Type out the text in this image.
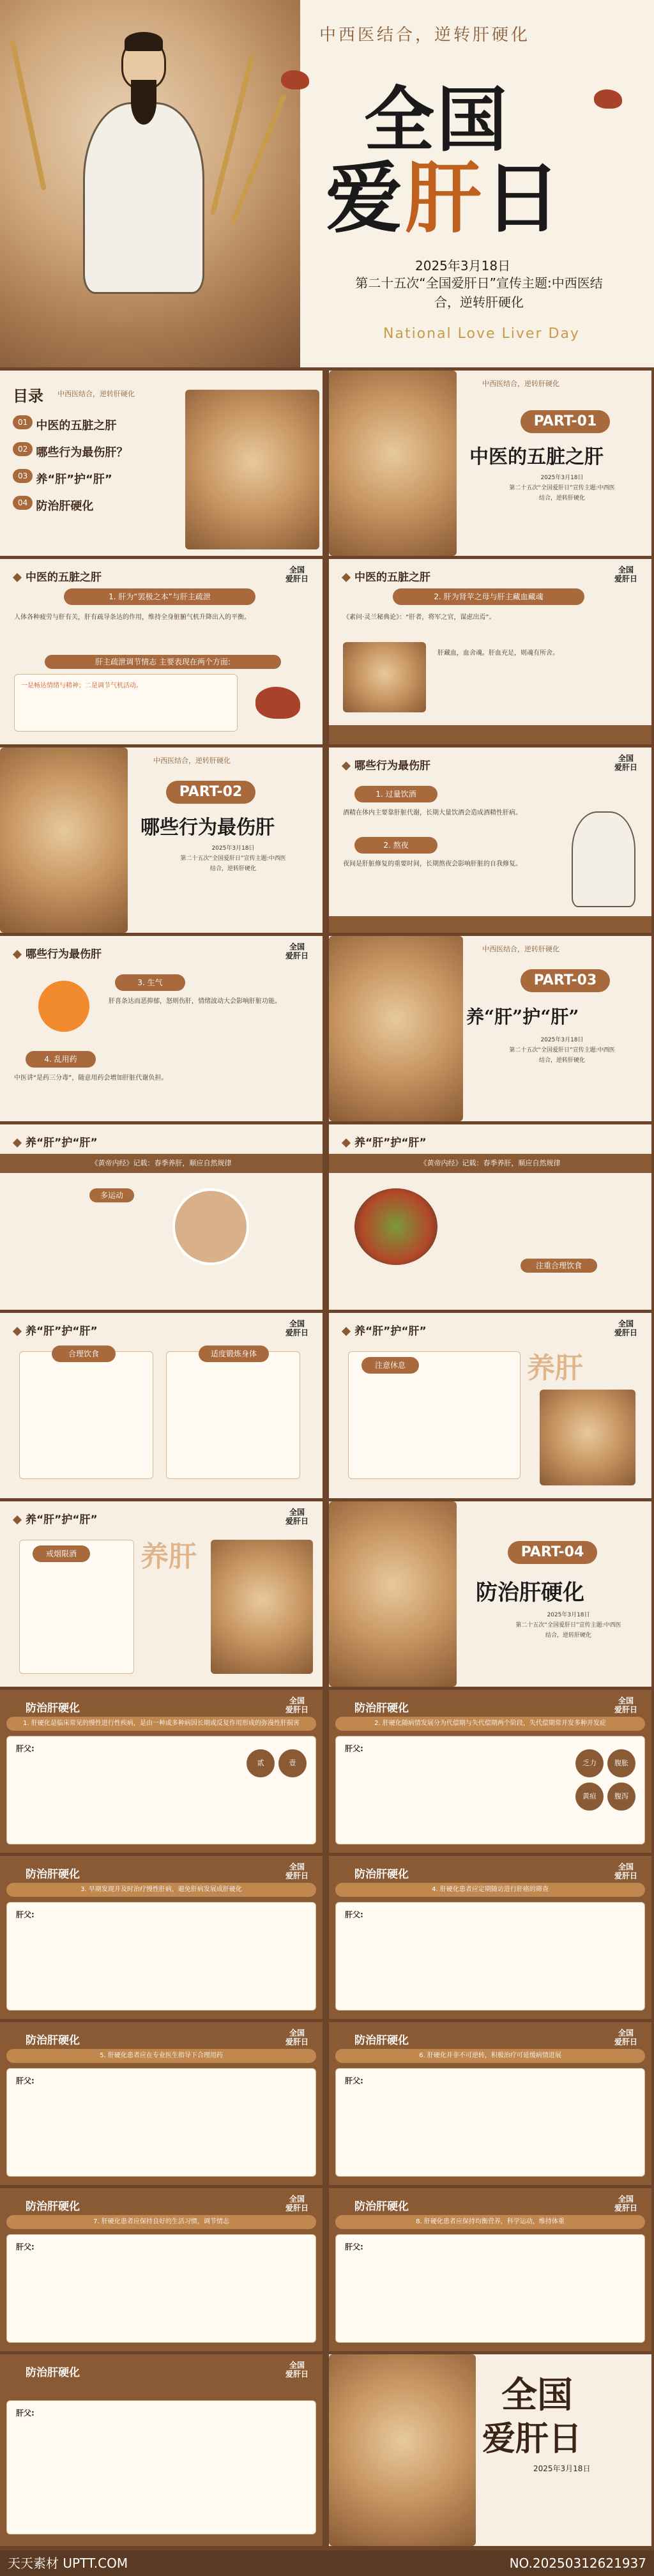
中西医结合，逆转肝硬化
全国
爱肝日
2025年3月18日
第二十五次“全国爱肝日”宣传主题:中西医结合，逆转肝硬化
National Love Liver Day
目录 中西医结合，逆转肝硬化
01 中医的五脏之肝
02 哪些行为最伤肝？
03 养“肝”护“肝”
04 防治肝硬化
中西医结合，逆转肝硬化
PART-01
中医的五脏之肝
2025年3月18日
第二十五次“全国爱肝日”宣传主题:中西医
结合，逆转肝硬化
中医的五脏之肝
全国
爱肝日
1. 肝为“罢极之本”与肝主疏泄
人体各种疲劳与肝有关，肝有疏导条达的作用，维持全身脏腑气机升降出入的平衡。
肝主疏泄调节情志 主要表现在两个方面:
一是畅达情绪与精神；二是调节气机活动。
中医的五脏之肝
全国
爱肝日
2. 肝为肾苹之母与肝主藏血藏魂
《素问·灵兰秘典论》：“肝者，将军之官，谋虑出焉”。
肝藏血，血舍魂。肝血充足，则魂有所舍。
中西医结合，逆转肝硬化
PART-02
哪些行为最伤肝
2025年3月18日
第二十五次“全国爱肝日”宣传主题:中西医
结合，逆转肝硬化
哪些行为最伤肝
全国
爱肝日
1. 过量饮酒
酒精在体内主要靠肝脏代谢，长期大量饮酒会造成酒精性肝病。
2. 熬夜
夜间是肝脏修复的重要时间，长期熬夜会影响肝脏的自我修复。
哪些行为最伤肝
全国
爱肝日
3. 生气
肝喜条达而恶抑郁，怒则伤肝，情绪波动大会影响肝脏功能。
4. 乱用药
中医讲“是药三分毒”，随意用药会增加肝脏代谢负担。
中西医结合，逆转肝硬化
PART-03
养“肝”护“肝”
2025年3月18日
第二十五次“全国爱肝日”宣传主题:中西医
结合，逆转肝硬化
养“肝”护“肝”
《黄帝内经》记载：春季养肝，顺应自然规律
多运动
养“肝”护“肝”
《黄帝内经》记载：春季养肝，顺应自然规律
注重合理饮食
养“肝”护“肝”
全国
爱肝日
合理饮食	适度锻炼身体
养“肝”护“肝”
全国
爱肝日
注意休息	养肝
养“肝”护“肝”
全国
爱肝日
戒烟限酒	养肝	PART-04
防治肝硬化
2025年3月18日
第二十五次“全国爱肝日”宣传主题:中西医
结合，逆转肝硬化
防治肝硬化
全国
爱肝日
1. 肝硬化是临床常见的慢性进行性疾病，是由一种或多种病因长期或反复作用形成的弥漫性肝损害
肝父:
壹
贰
防治肝硬化
全国
爱肝日
2. 肝硬化随病情发展分为代偿期与失代偿期两个阶段，失代偿期常并发多种并发症
肝父:
腹胀
乏力
腹泻
黄疸
防治肝硬化
全国
爱肝日
3. 早期发现并及时治疗慢性肝病，避免肝病发展成肝硬化
肝父:
防治肝硬化
全国
爱肝日
4. 肝硬化患者应定期随访进行肝癌的筛查
肝父:
防治肝硬化
全国
爱肝日
5. 肝硬化患者应在专业医生指导下合理用药
肝父:
防治肝硬化
全国
爱肝日
6. 肝硬化并非不可逆转，积极治疗可延缓病情进展
肝父:
防治肝硬化
全国
爱肝日
7. 肝硬化患者应保持良好的生活习惯，调节情志
肝父:
防治肝硬化
全国
爱肝日
8. 肝硬化患者应保持均衡营养，科学运动，维持体重
肝父:
防治肝硬化
全国
爱肝日
肝父:	全国
爱肝日
2025年3月18日
天天素材 UPTT.COM	NO.20250312621937
